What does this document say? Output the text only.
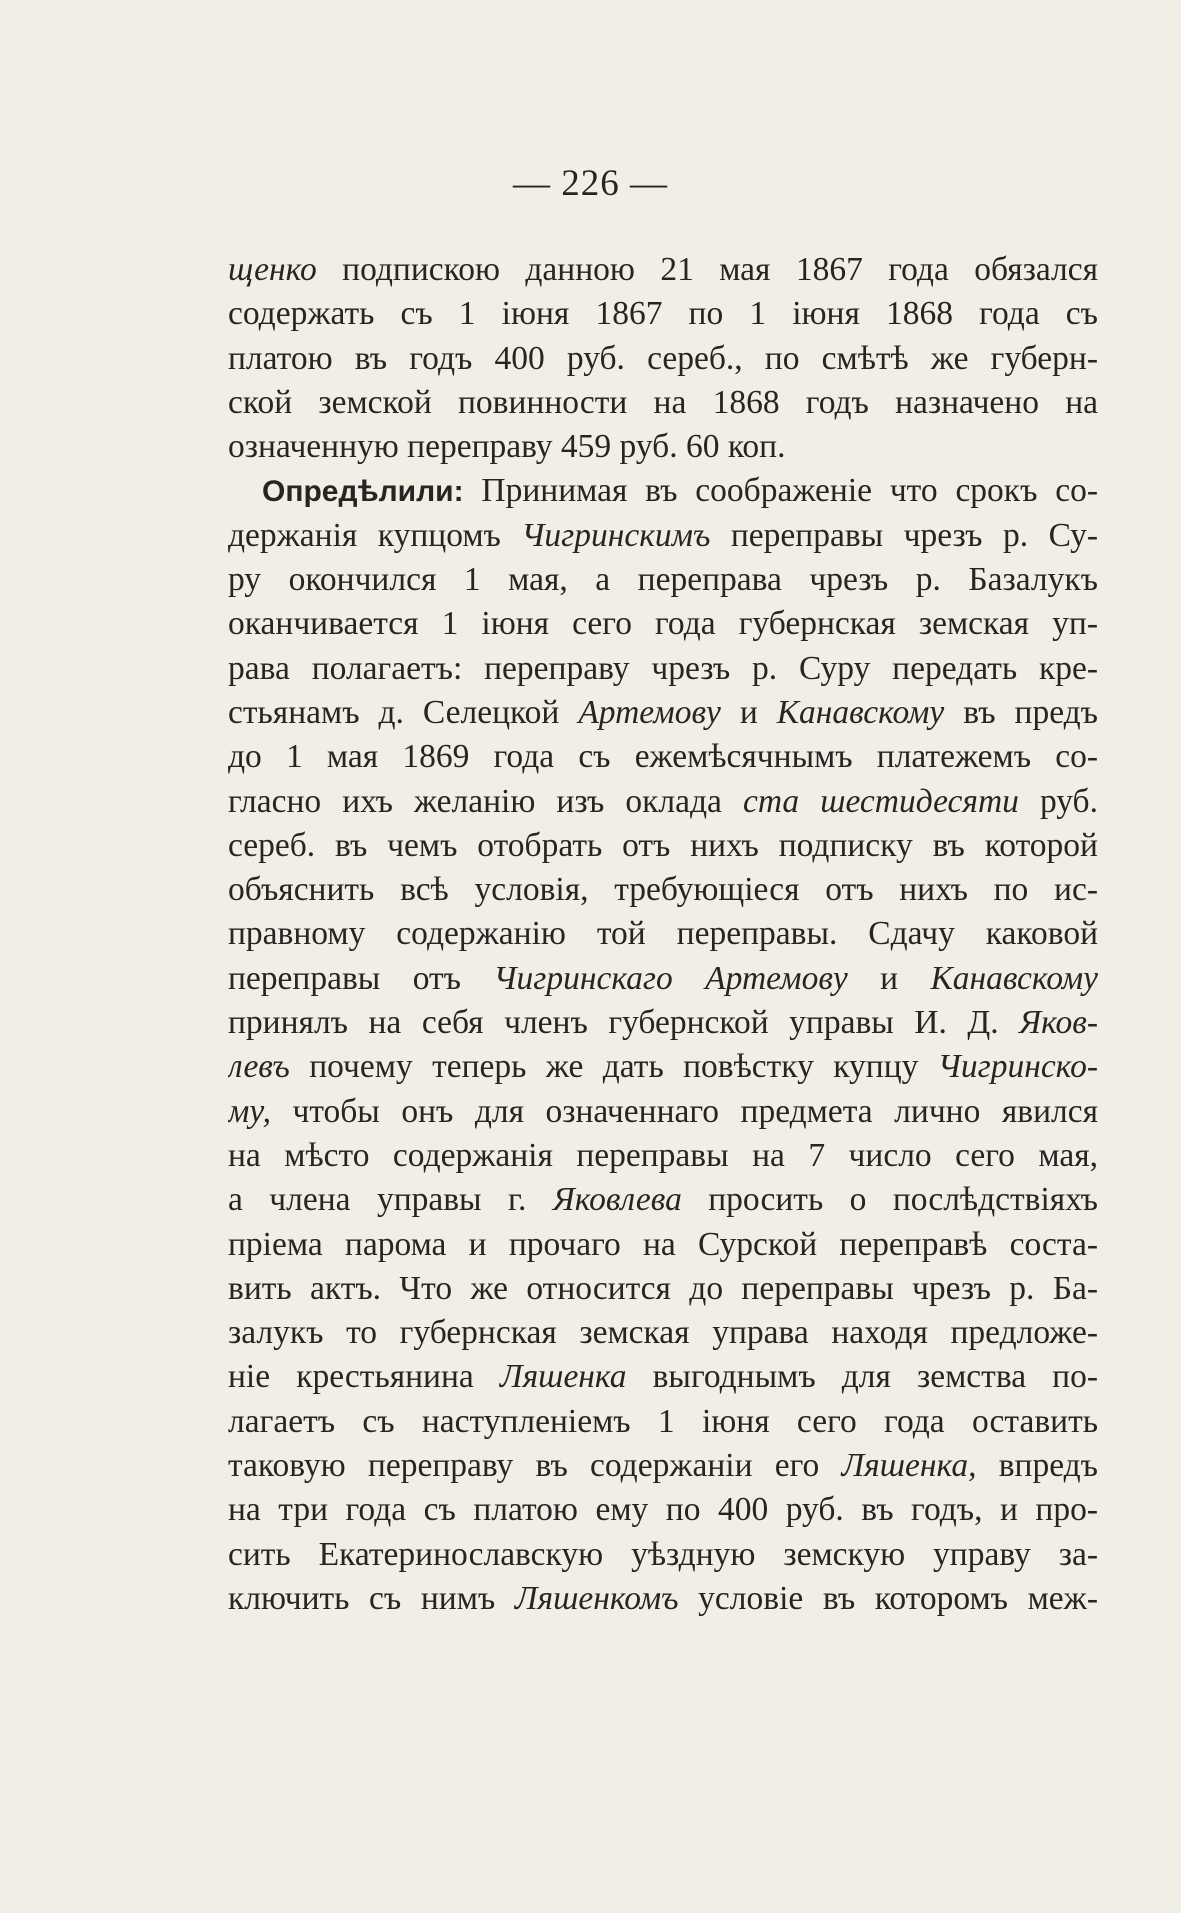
— 226 —
щенко подпискою данною 21 мая 1867 года обязался
содержать съ 1 іюня 1867 по 1 іюня 1868 года съ
платою въ годъ 400 руб. сереб., по смѣтѣ же губерн-
ской земской повинности на 1868 годъ назначено на
означенную переправу 459 руб. 60 коп.
Опредѣлили: Принимая въ соображеніе что срокъ со-
держанія купцомъ Чигринскимъ переправы чрезъ р. Су-
ру окончился 1 мая, а переправа чрезъ р. Базалукъ
оканчивается 1 іюня сего года губернская земская уп-
рава полагаетъ: переправу чрезъ р. Суру передать кре-
стьянамъ д. Селецкой Артемову и Канавскому въ предъ
до 1 мая 1869 года съ ежемѣсячнымъ платежемъ со-
гласно ихъ желанію изъ оклада ста шестидесяти руб.
сереб. въ чемъ отобрать отъ нихъ подписку въ которой
объяснить всѣ условія, требующіеся отъ нихъ по ис-
правному содержанію той переправы. Сдачу каковой
переправы отъ Чигринскаго Артемову и Канавскому
принялъ на себя членъ губернской управы И. Д. Яков-
левъ почему теперь же дать повѣстку купцу Чигринско-
му, чтобы онъ для означеннаго предмета лично явился
на мѣсто содержанія переправы на 7 число сего мая,
а члена управы г. Яковлева просить о послѣдствіяхъ
пріема парома и прочаго на Сурской переправѣ соста-
вить актъ. Что же относится до переправы чрезъ р. Ба-
залукъ то губернская земская управа находя предложе-
ніе крестьянина Ляшенка выгоднымъ для земства по-
лагаетъ съ наступленіемъ 1 іюня сего года оставить
таковую переправу въ содержаніи его Ляшенка, впредъ
на три года съ платою ему по 400 руб. въ годъ, и про-
сить Екатеринославскую уѣздную земскую управу за-
ключить съ нимъ Ляшенкомъ условіе въ которомъ меж-
